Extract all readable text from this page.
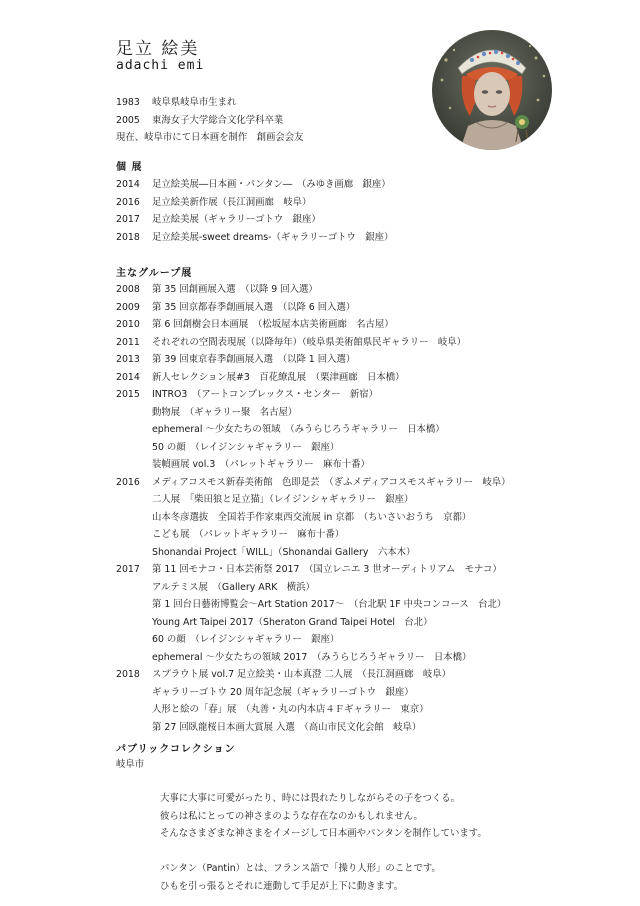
足立 絵美
adachi emi
1983	岐阜県岐阜市生まれ
2005	東海女子大学総合文化学科卒業
現在、岐阜市にて日本画を制作　創画会会友
個 展
2014	足立絵美展―日本画・パンタン―　（みゆき画廊　銀座）
2016	足立絵美新作展（長江洞画廊　岐阜）
2017	足立絵美展（ギャラリーゴトウ　銀座）
2018	足立絵美展-sweet dreams-（ギャラリーゴトウ　銀座）
主なグループ展
2008	第 35 回創画展入選　（以降 9 回入選）
2009	第 35 回京都春季創画展入選　（以降 6 回入選）
2010	第 6 回創樹会日本画展　（松坂屋本店美術画廊　名古屋）
2011	それぞれの空間表現展（以降毎年）（岐阜県美術館県民ギャラリー　岐阜）
2013	第 39 回東京春季創画展入選　（以降 1 回入選）
2014	新人セレクション展#3　百花繚乱展　（栗津画廊　日本橋）
2015	INTRO3　（アートコンプレックス・センター　新宿）
動物展　（ギャラリー聚　名古屋）
ephemeral ～少女たちの領域　（みうらじろうギャラリー　日本橋）
50 の顔　（レイジンシャギャラリー　銀座）
装幀画展 vol.3　（パレットギャラリー　麻布十番）
2016	メディアコスモス新春美術館　色即是芸　（ぎふメディアコスモスギャラリー　岐阜）
二人展　「柴田狼と足立猫」（レイジンシャギャラリー　銀座）
山本冬彦選抜　全国若手作家東西交流展 in 京都　（ちいさいおうち　京都）
こども展　（パレットギャラリー　麻布十番）
Shonandai Project「WILL」（Shonandai Gallery　六本木）
2017	第 11 回モナコ・日本芸術祭 2017　（国立レニエ 3 世オーディトリアム　モナコ）
アルテミス展　（Gallery ARK　横浜）
第 1 回台日藝術博覧会～Art Station 2017～　（台北駅 1F 中央コンコース　台北）
Young Art Taipei 2017（Sheraton Grand Taipei Hotel　台北）
60 の顔　（レイジンシャギャラリー　銀座）
ephemeral ～少女たちの領域 2017　（みうらじろうギャラリー　日本橋）
2018	スプラウト展 vol.7 足立絵美・山本真澄 二人展　（長江洞画廊　岐阜）
ギャラリーゴトウ 20 周年記念展（ギャラリーゴトウ　銀座）
人形と絵の「春」展　（丸善・丸の内本店４Ｆギャラリー　東京）
第 27 回臥龍桜日本画大賞展 入選　（高山市民文化会館　岐阜）
パブリックコレクション
岐阜市
大事に大事に可愛がったり、時には畏れたりしながらその子をつくる。
彼らは私にとっての神さまのような存在なのかもしれません。
そんなさまざまな神さまをイメージして日本画やパンタンを制作しています。
パンタン（Pantin）とは、フランス語で「操り人形」のことです。
ひもを引っ張るとそれに連動して手足が上下に動きます。
